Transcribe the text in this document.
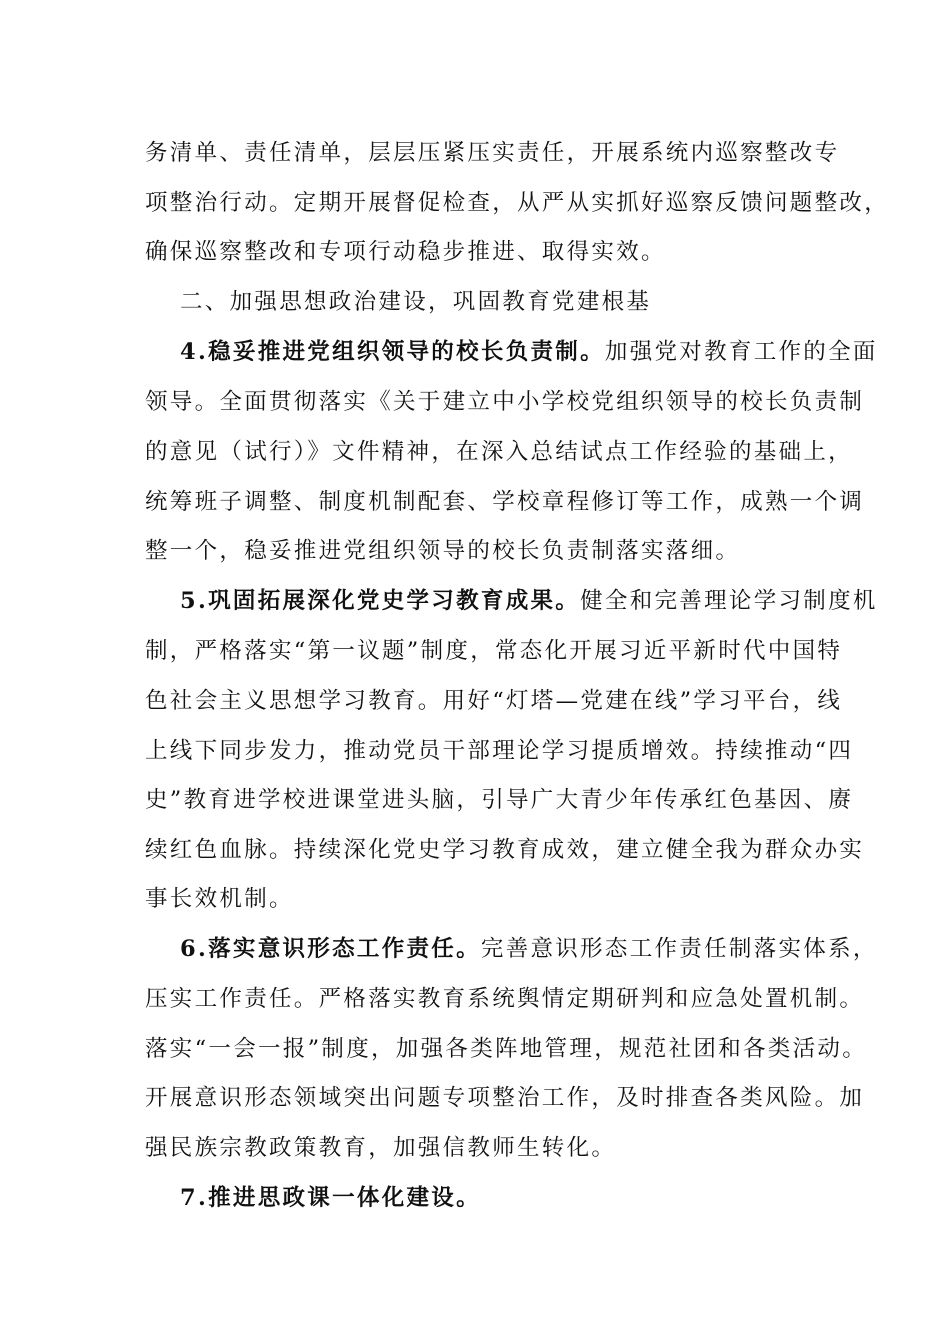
务清单、责任清单，层层压紧压实责任，开展系统内巡察整改专
项整治行动。定期开展督促检查，从严从实抓好巡察反馈问题整改，
确保巡察整改和专项行动稳步推进、取得实效。
二、加强思想政治建设，巩固教育党建根基
4.稳妥推进党组织领导的校长负责制。加强党对教育工作的全面
领导。全面贯彻落实《关于建立中小学校党组织领导的校长负责制
的意见（试行）》文件精神，在深入总结试点工作经验的基础上，
统筹班子调整、制度机制配套、学校章程修订等工作，成熟一个调
整一个，稳妥推进党组织领导的校长负责制落实落细。
5.巩固拓展深化党史学习教育成果。健全和完善理论学习制度机
制，严格落实“第一议题”制度，常态化开展习近平新时代中国特
色社会主义思想学习教育。用好“灯塔—党建在线”学习平台，线
上线下同步发力，推动党员干部理论学习提质增效。持续推动“四
史”教育进学校进课堂进头脑，引导广大青少年传承红色基因、赓
续红色血脉。持续深化党史学习教育成效，建立健全我为群众办实
事长效机制。
6.落实意识形态工作责任。完善意识形态工作责任制落实体系，
压实工作责任。严格落实教育系统舆情定期研判和应急处置机制。
落实“一会一报”制度，加强各类阵地管理，规范社团和各类活动。
开展意识形态领域突出问题专项整治工作，及时排查各类风险。加
强民族宗教政策教育，加强信教师生转化。
7.推进思政课一体化建设。
